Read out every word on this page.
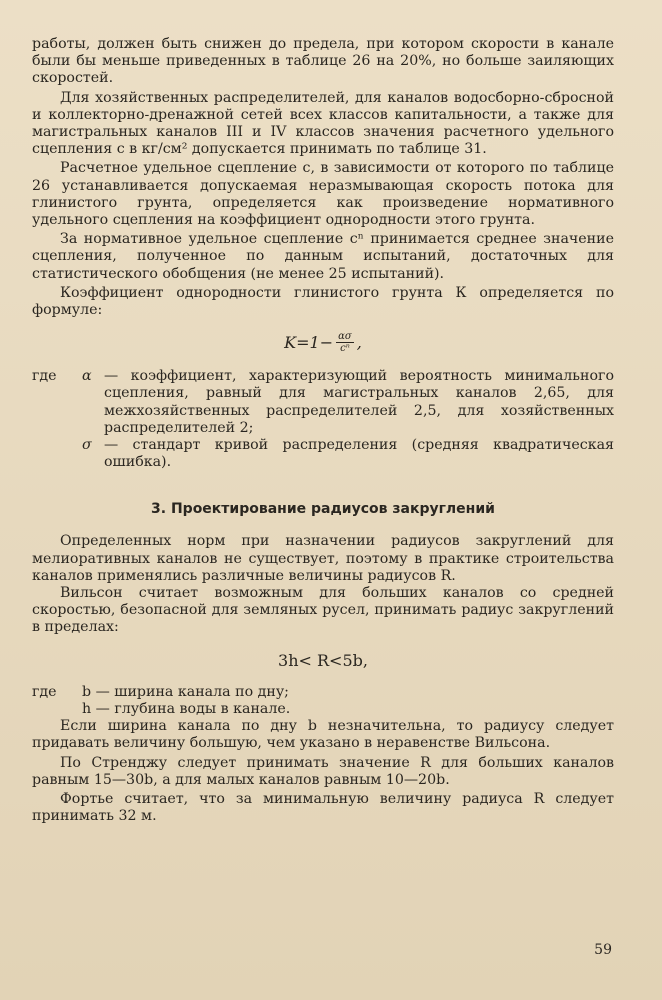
работы, должен быть снижен до предела, при котором скорости в канале были бы меньше приведенных в таблице 26 на 20%, но больше заиляющих скоростей.

Для хозяйственных распределителей, для каналов водосборно-сбросной и коллекторно-дренажной сетей всех классов капитальности, а также для магистральных каналов III и IV классов значения расчетного удельного сцепления с в кг/см² допускается принимать по таблице 31.

Расчетное удельное сцепление с, в зависимости от которого по таблице 26 устанавливается допускаемая неразмывающая скорость потока для глинистого грунта, определяется как произведение нормативного удельного сцепления на коэффициент однородности этого грунта.

За нормативное удельное сцепление cⁿ принимается среднее значение сцепления, полученное по данным испытаний, достаточных для статистического обобщения (не менее 25 испытаний).

Коэффициент однородности глинистого грунта К определяется по формуле:

$K=1- \frac{\alpha\sigma}{\text{cⁿ}}$ ,
где	α — коэффициент, характеризующий вероятность минимального сцепления, равный для магистральных каналов 2,65, для межхозяйственных распределителей 2,5, для хозяйственных распределителей 2;
σ — стандарт кривой распределения (средняя квадратическая ошибка).
3. Проектирование радиусов закруглений

Определенных норм при назначении радиусов закруглений для мелиоративных каналов не существует, поэтому в практике строительства каналов применялись различные величины радиусов R.

Вильсон считает возможным для больших каналов со средней скоростью, безопасной для земляных русел, принимать радиус закруглений в пределах:

3h< R<5b,
где	b — ширина канала по дну;
h — глубина воды в канале.

Если ширина канала по дну b незначительна, то радиусу следует придавать величину большую, чем указано в неравенстве Вильсона.

По Стренджу следует принимать значение R для больших каналов равным 15—30b, а для малых каналов равным 10—20b.

Фортье считает, что за минимальную величину радиуса R следует принимать 32 м.

59
